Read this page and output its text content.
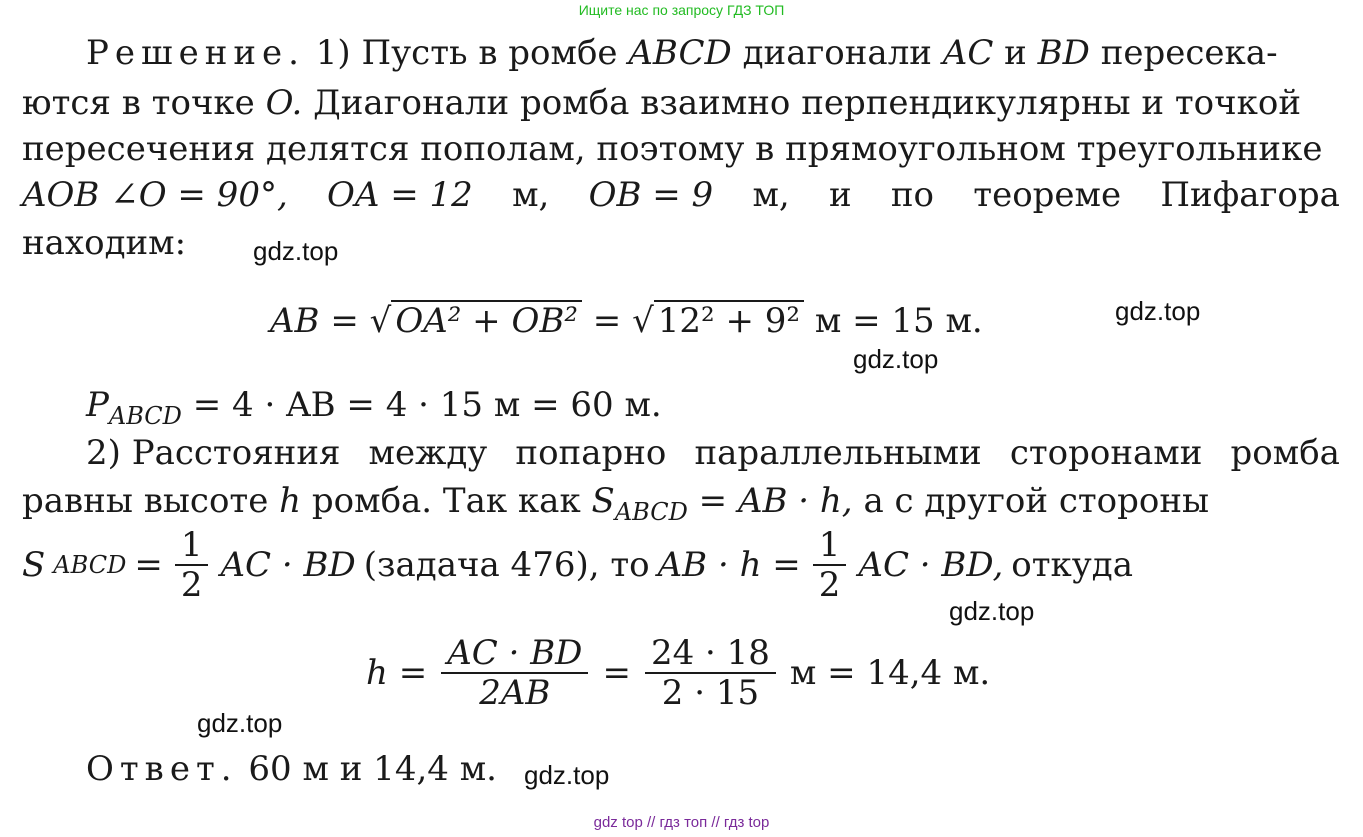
Ищите нас по запросу ГДЗ ТОП
Решение. 1) Пусть в ромбе ABCD диагонали AC и BD пересека-
ются в точке O. Диагонали ромба взаимно перпендикулярны и точкой
пересечения делятся пополам, поэтому в прямоугольном треугольнике
AOB ∠O = 90°, OA = 12 м, OB = 9 м, и по теореме Пифагора
находим:
AB = √ OA² + OB² = √ 12² + 9² м = 15 м.
$P_{ABCD} = 4$ · AB = 4 · 15 м = 60 м.
2) Расстояния между попарно параллельными сторонами ромба
равны высоте h ромба. Так как $S_{ABCD}$ = AB · h, а с другой стороны
S ABCD = $\frac{1}{2}$ AC · BD (задача 476), то AB · $h = \frac{1}{2}$ AC · BD, откуда
$h = \frac{AC \cdot BD}{2AB} = \frac{24 \cdot 18}{2 \cdot 15}$ м = 14,4 м.
Ответ. 60 м и 14,4 м.
gdz.top
gdz.top
gdz.top
gdz.top
gdz.top
gdz.top
gdz top // гдз топ // гдз top
